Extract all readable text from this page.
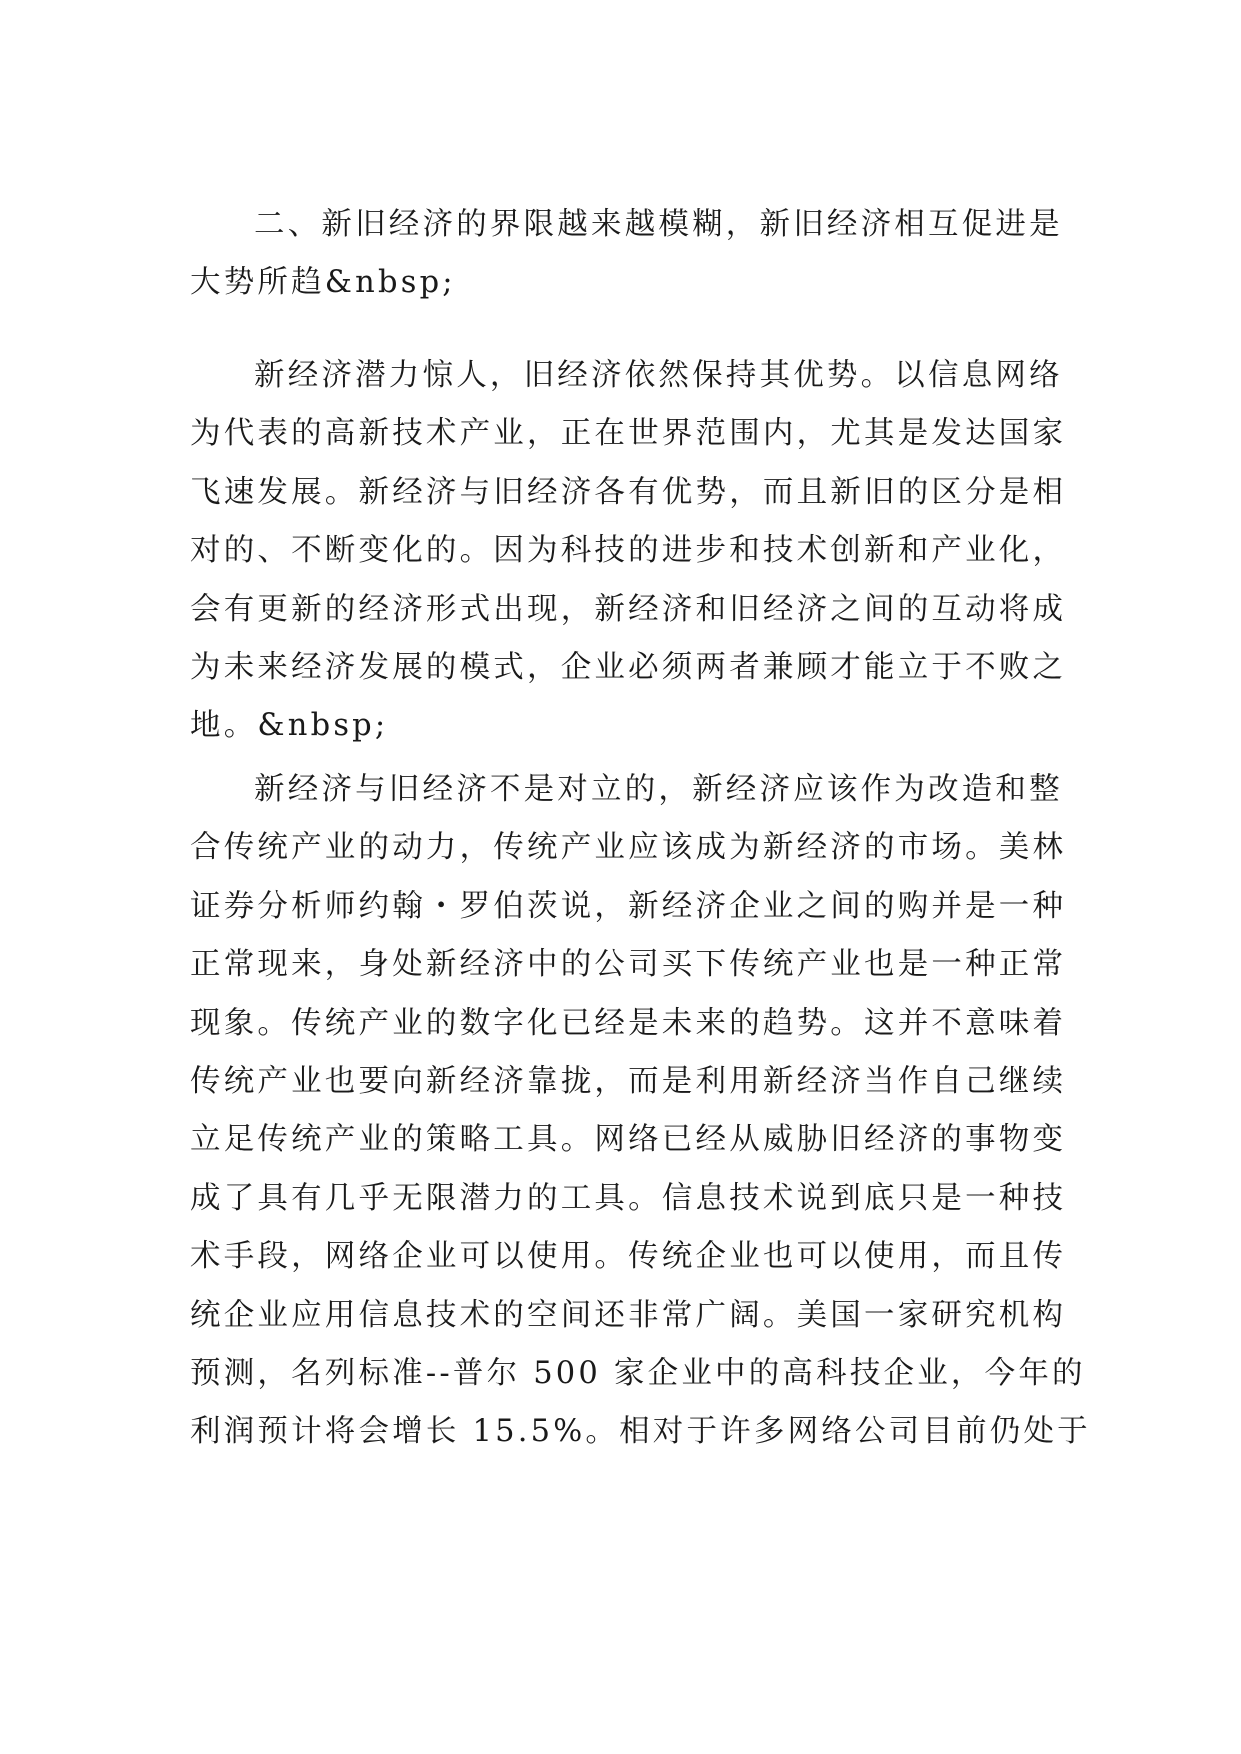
二、新旧经济的界限越来越模糊，新旧经济相互促进是
大势所趋&nbsp;
新经济潜力惊人，旧经济依然保持其优势。以信息网络
为代表的高新技术产业，正在世界范围内，尤其是发达国家
飞速发展。新经济与旧经济各有优势，而且新旧的区分是相
对的、不断变化的。因为科技的进步和技术创新和产业化，
会有更新的经济形式出现，新经济和旧经济之间的互动将成
为未来经济发展的模式，企业必须两者兼顾才能立于不败之
地。&nbsp;
新经济与旧经济不是对立的，新经济应该作为改造和整
合传统产业的动力，传统产业应该成为新经济的市场。美林
证券分析师约翰・罗伯茨说，新经济企业之间的购并是一种
正常现来，身处新经济中的公司买下传统产业也是一种正常
现象。传统产业的数字化已经是未来的趋势。这并不意味着
传统产业也要向新经济靠拢，而是利用新经济当作自己继续
立足传统产业的策略工具。网络已经从威胁旧经济的事物变
成了具有几乎无限潜力的工具。信息技术说到底只是一种技
术手段，网络企业可以使用。传统企业也可以使用，而且传
统企业应用信息技术的空间还非常广阔。美国一家研究机构
预测，名列标准--普尔 500 家企业中的高科技企业，今年的
利润预计将会增长 15.5%。相对于许多网络公司目前仍处于
